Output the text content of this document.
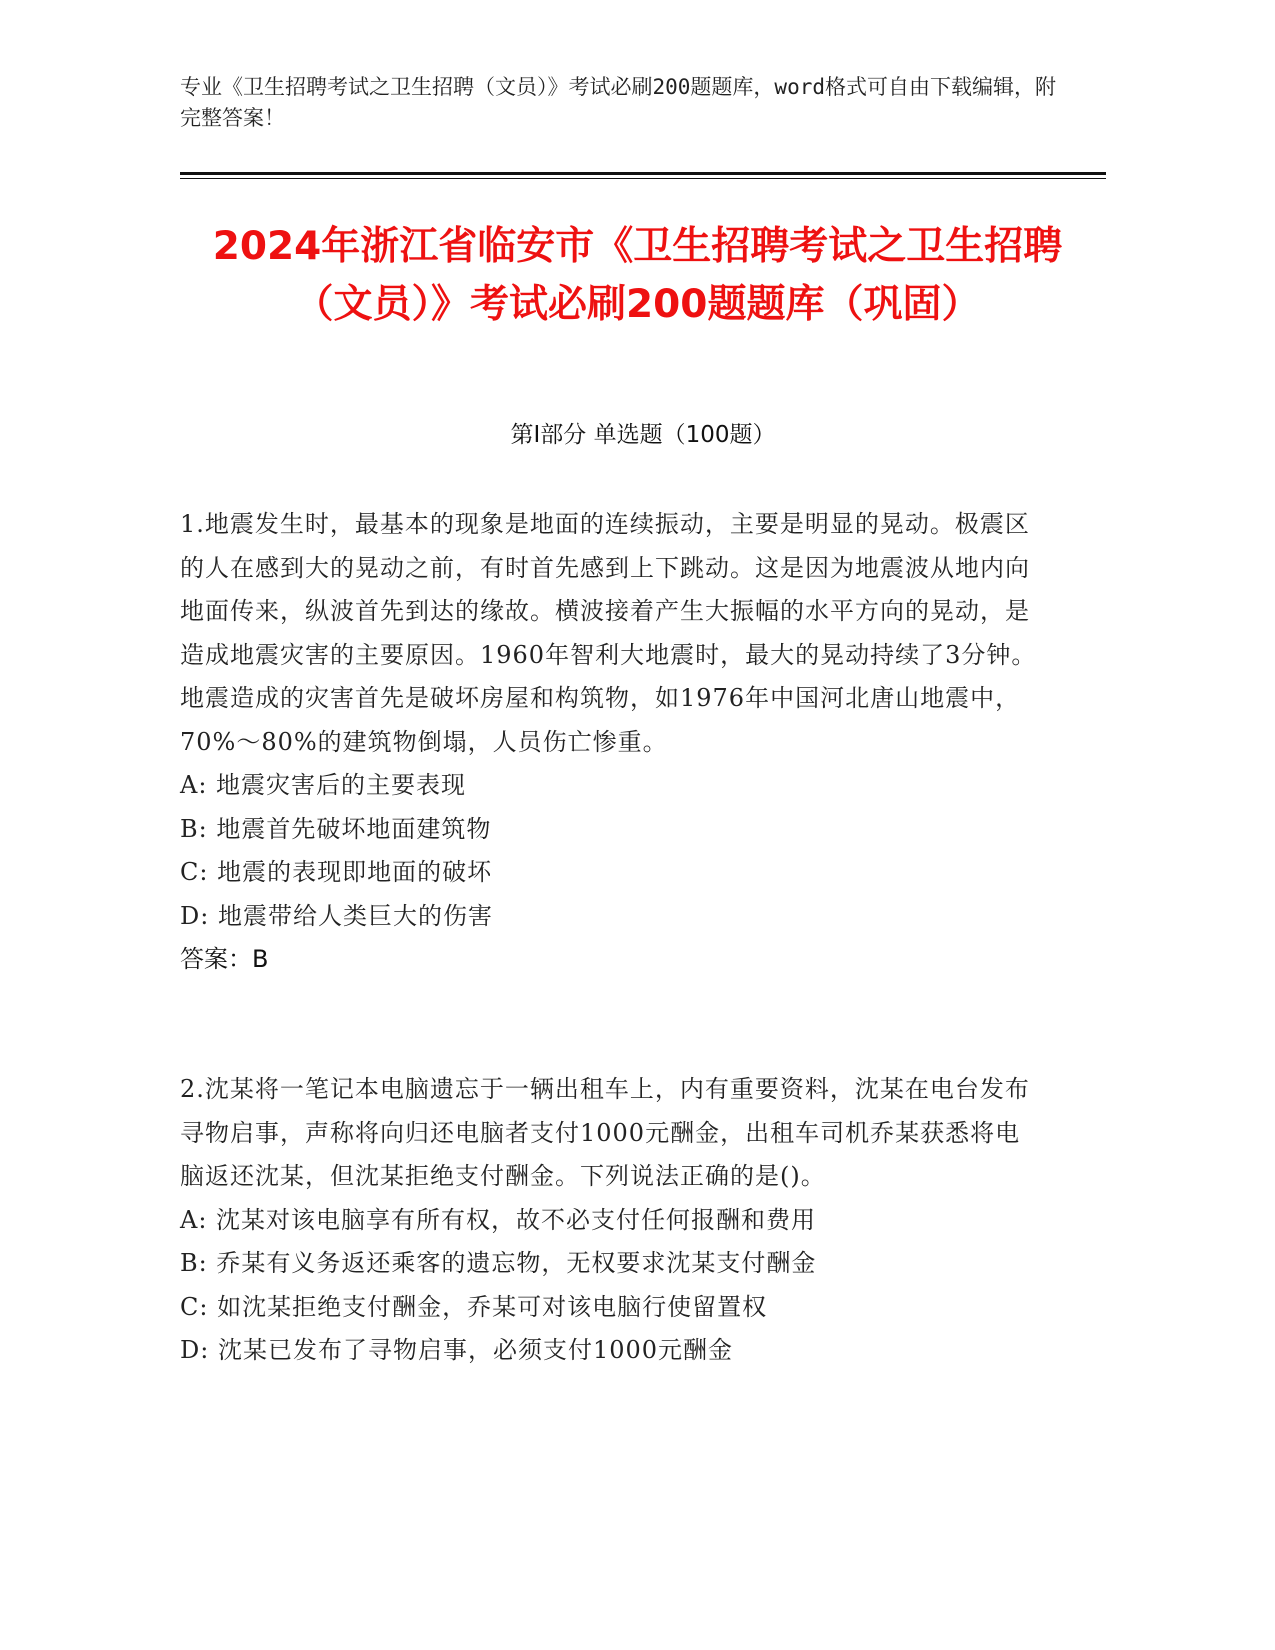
专业《卫生招聘考试之卫生招聘（文员）》考试必刷200题题库，word格式可自由下载编辑，附完整答案！
2024年浙江省临安市《卫生招聘考试之卫生招聘（文员）》考试必刷200题题库（巩固）
第I部分 单选题（100题）

1.地震发生时，最基本的现象是地面的连续振动，主要是明显的晃动。极震区的人在感到大的晃动之前，有时首先感到上下跳动。这是因为地震波从地内向地面传来，纵波首先到达的缘故。横波接着产生大振幅的水平方向的晃动，是造成地震灾害的主要原因。1960年智利大地震时，最大的晃动持续了3分钟。地震造成的灾害首先是破坏房屋和构筑物，如1976年中国河北唐山地震中，70%～80%的建筑物倒塌，人员伤亡惨重。

A: 地震灾害后的主要表现

B: 地震首先破坏地面建筑物

C: 地震的表现即地面的破坏

D: 地震带给人类巨大的伤害

答案：B

2.沈某将一笔记本电脑遗忘于一辆出租车上，内有重要资料，沈某在电台发布寻物启事，声称将向归还电脑者支付1000元酬金，出租车司机乔某获悉将电脑返还沈某，但沈某拒绝支付酬金。下列说法正确的是()。

A: 沈某对该电脑享有所有权，故不必支付任何报酬和费用

B: 乔某有义务返还乘客的遗忘物，无权要求沈某支付酬金

C: 如沈某拒绝支付酬金，乔某可对该电脑行使留置权

D: 沈某已发布了寻物启事，必须支付1000元酬金
